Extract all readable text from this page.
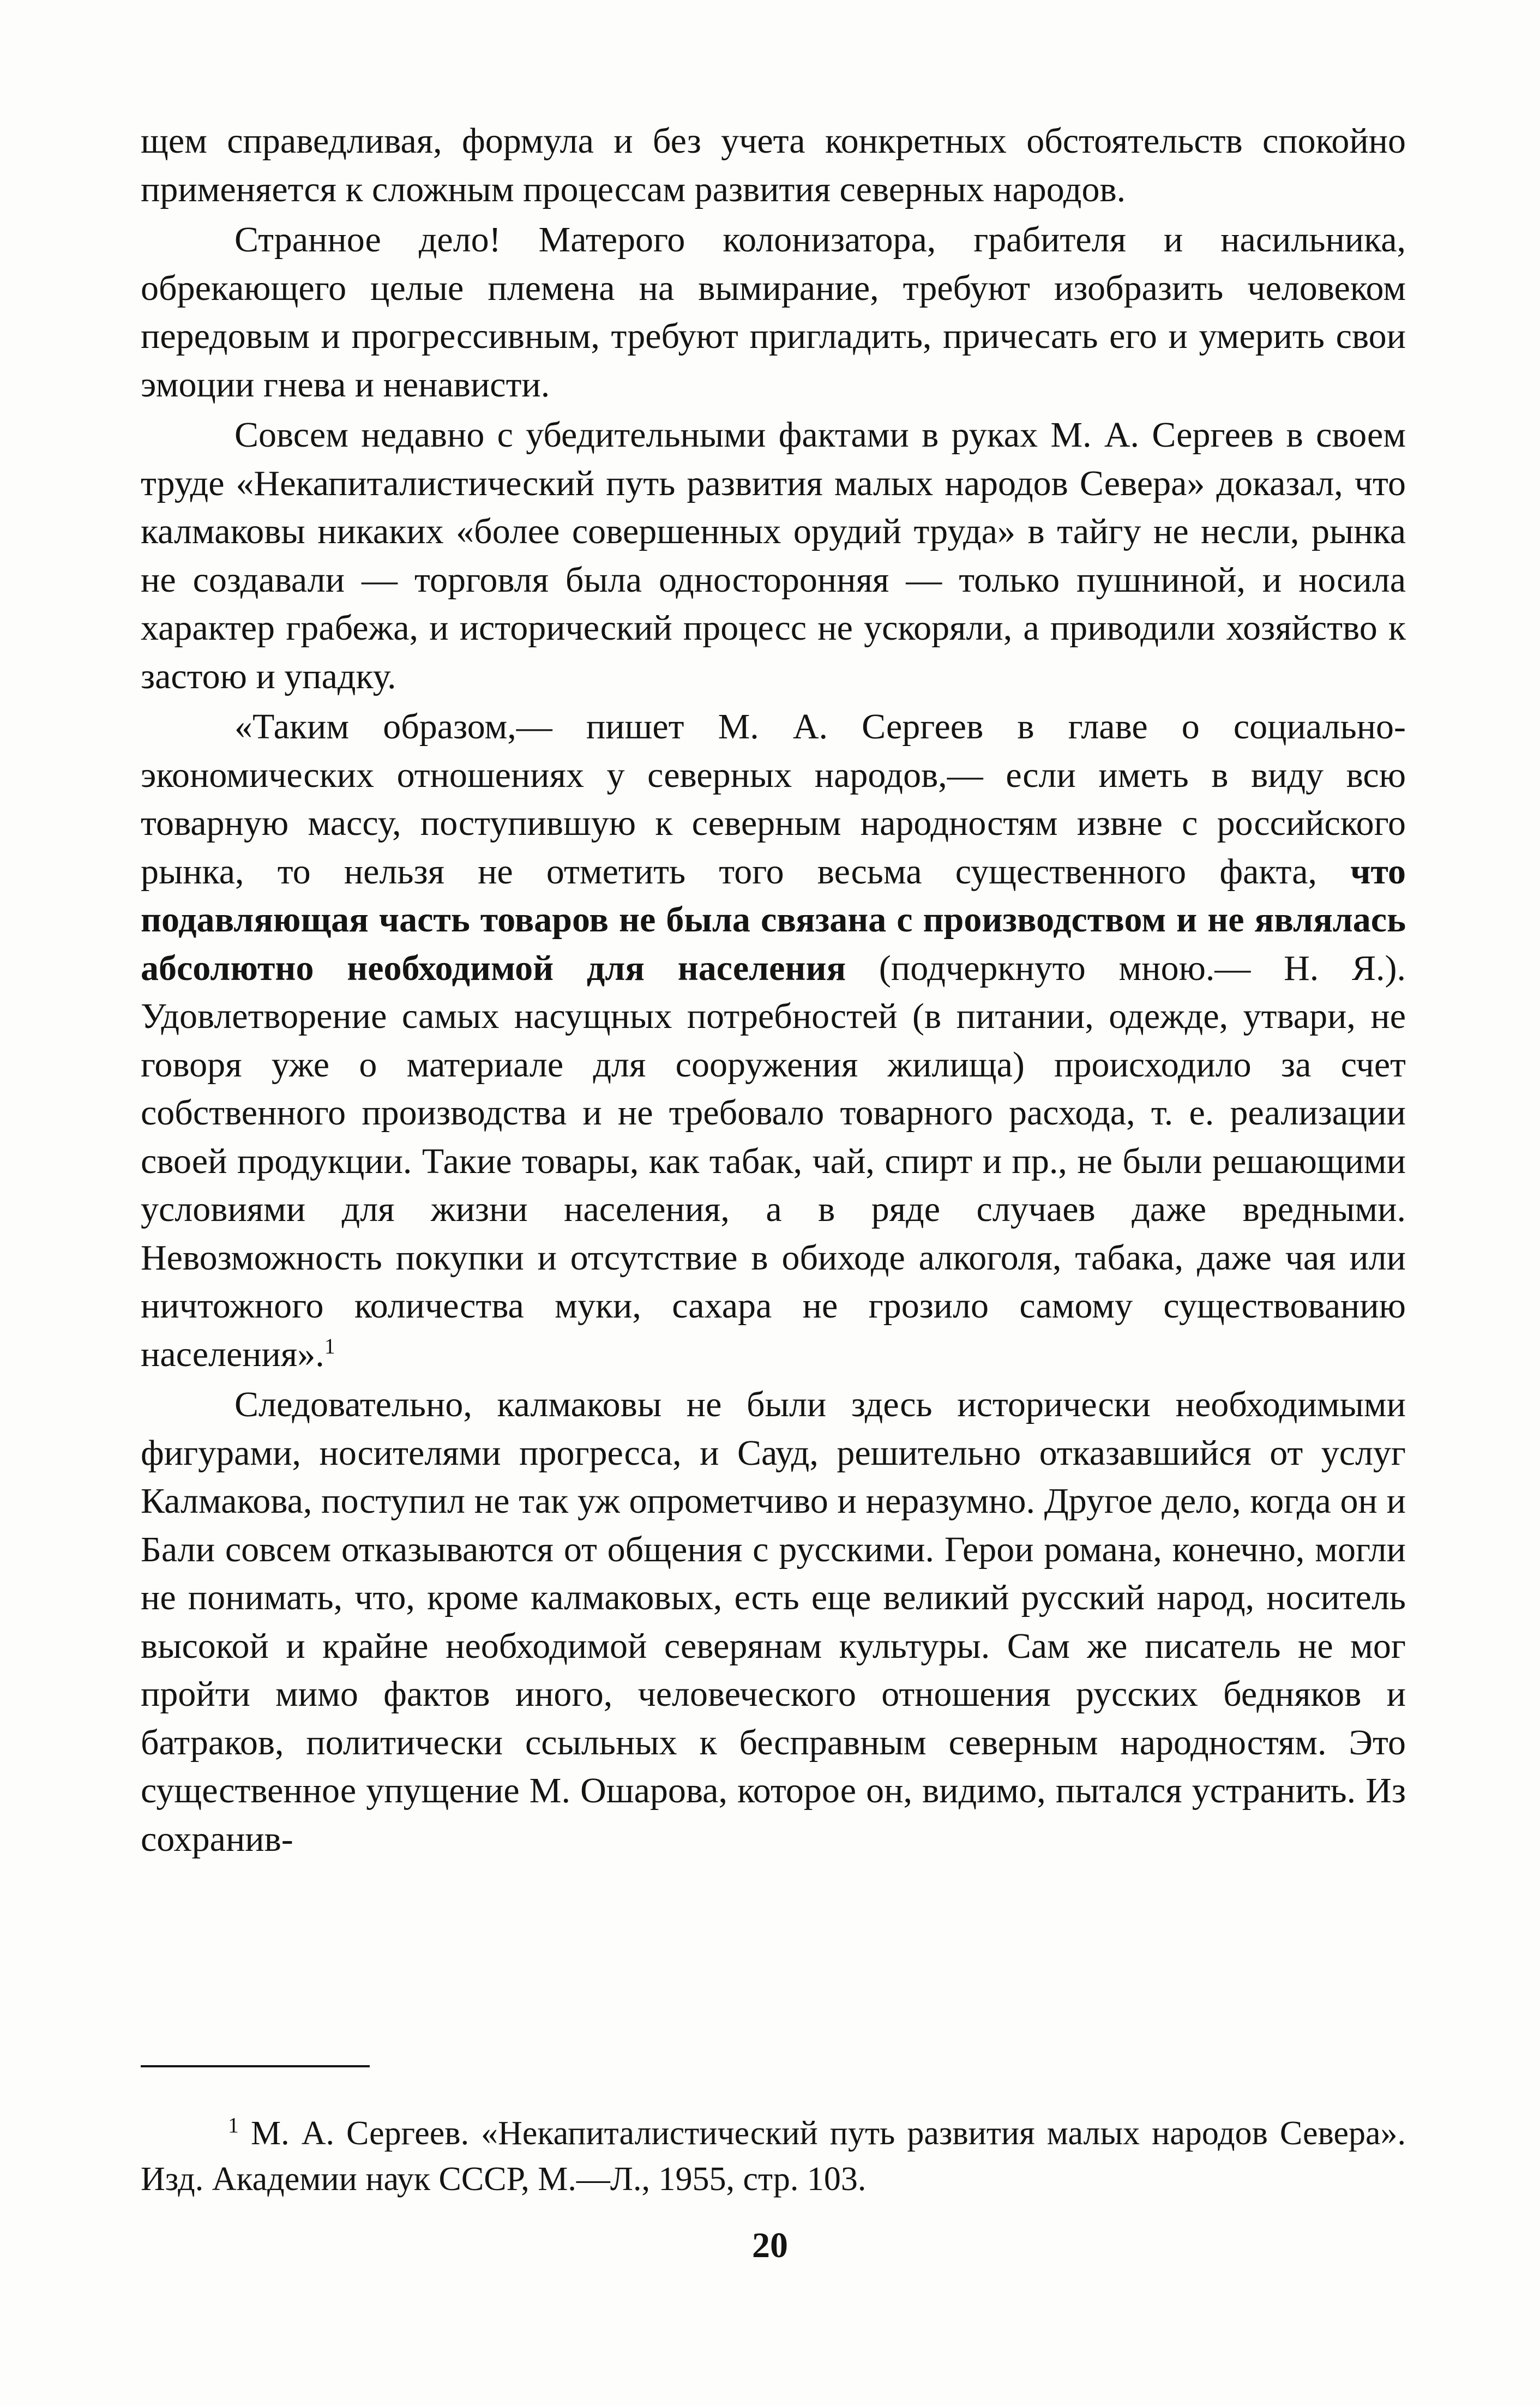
щем справедливая, формула и без учета конкретных обстоятельств спокойно применяется к сложным процессам развития северных народов.

Странное дело! Матерого колонизатора, грабителя и насильника, обрекающего целые племена на вымирание, требуют изобразить человеком передовым и прогрессивным, требуют пригладить, причесать его и умерить свои эмоции гнева и ненависти.

Совсем недавно с убедительными фактами в руках М. А. Сергеев в своем труде «Некапиталистический путь развития малых народов Севера» доказал, что калмаковы никаких «более совершенных орудий труда» в тайгу не несли, рынка не создавали — торговля была односторонняя — только пушниной, и носила характер грабежа, и исторический процесс не ускоряли, а приводили хозяйство к застою и упадку.

«Таким образом,— пишет М. А. Сергеев в главе о социально-экономических отношениях у северных народов,— если иметь в виду всю товарную массу, поступившую к северным народностям извне с российского рынка, то нельзя не отметить того весьма существенного факта, что подавляющая часть товаров не была связана с производством и не являлась абсолютно необходимой для населения (подчеркнуто мною.— Н. Я.). Удовлетворение самых насущных потребностей (в питании, одежде, утвари, не говоря уже о материале для сооружения жилища) происходило за счет собственного производства и не требовало товарного расхода, т. е. реализации своей продукции. Такие товары, как табак, чай, спирт и пр., не были решающими условиями для жизни населения, а в ряде случаев даже вредными. Невозможность покупки и отсутствие в обиходе алкоголя, табака, даже чая или ничтожного количества муки, сахара не грозило самому существованию населения».$^1$

Следовательно, калмаковы не были здесь исторически необходимыми фигурами, носителями прогресса, и Сауд, решительно отказавшийся от услуг Калмакова, поступил не так уж опрометчиво и неразумно. Другое дело, когда он и Бали совсем отказываются от общения с русскими. Герои романа, конечно, могли не понимать, что, кроме калмаковых, есть еще великий русский народ, носитель высокой и крайне необходимой северянам культуры. Сам же писатель не мог пройти мимо фактов иного, человеческого отношения русских бедняков и батраков, политически ссыльных к бесправным северным народностям. Это существенное упущение М. Ошарова, которое он, видимо, пытался устранить. Из сохранив-

$^1$ М. А. Сергеев. «Некапиталистический путь развития малых народов Севера». Изд. Академии наук СССР, М.—Л., 1955, стр. 103.
20
